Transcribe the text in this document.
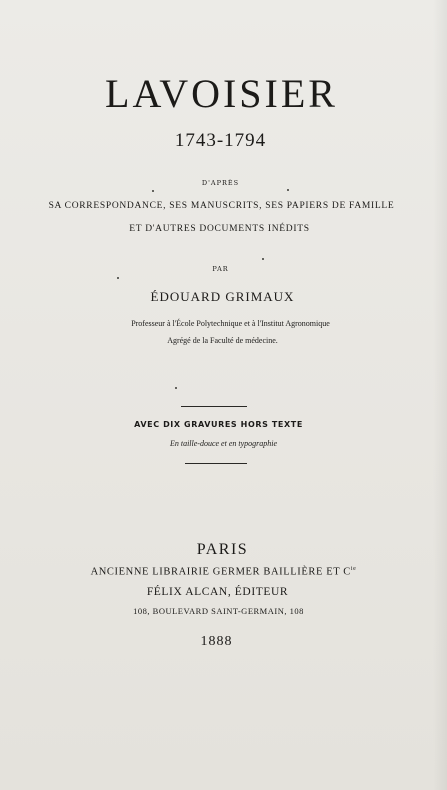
LAVOISIER
1743-1794
D'APRÈS
SA CORRESPONDANCE, SES MANUSCRITS, SES PAPIERS DE FAMILLE
ET D'AUTRES DOCUMENTS INÉDITS
PAR
ÉDOUARD GRIMAUX
Professeur à l'École Polytechnique et à l'Institut Agronomique
Agrégé de la Faculté de médecine.
AVEC DIX GRAVURES HORS TEXTE
En taille-douce et en typographie
PARIS
ANCIENNE LIBRAIRIE GERMER BAILLIÈRE ET $C^{ie}$
FÉLIX ALCAN, ÉDITEUR
108, BOULEVARD SAINT-GERMAIN, 108
1888
